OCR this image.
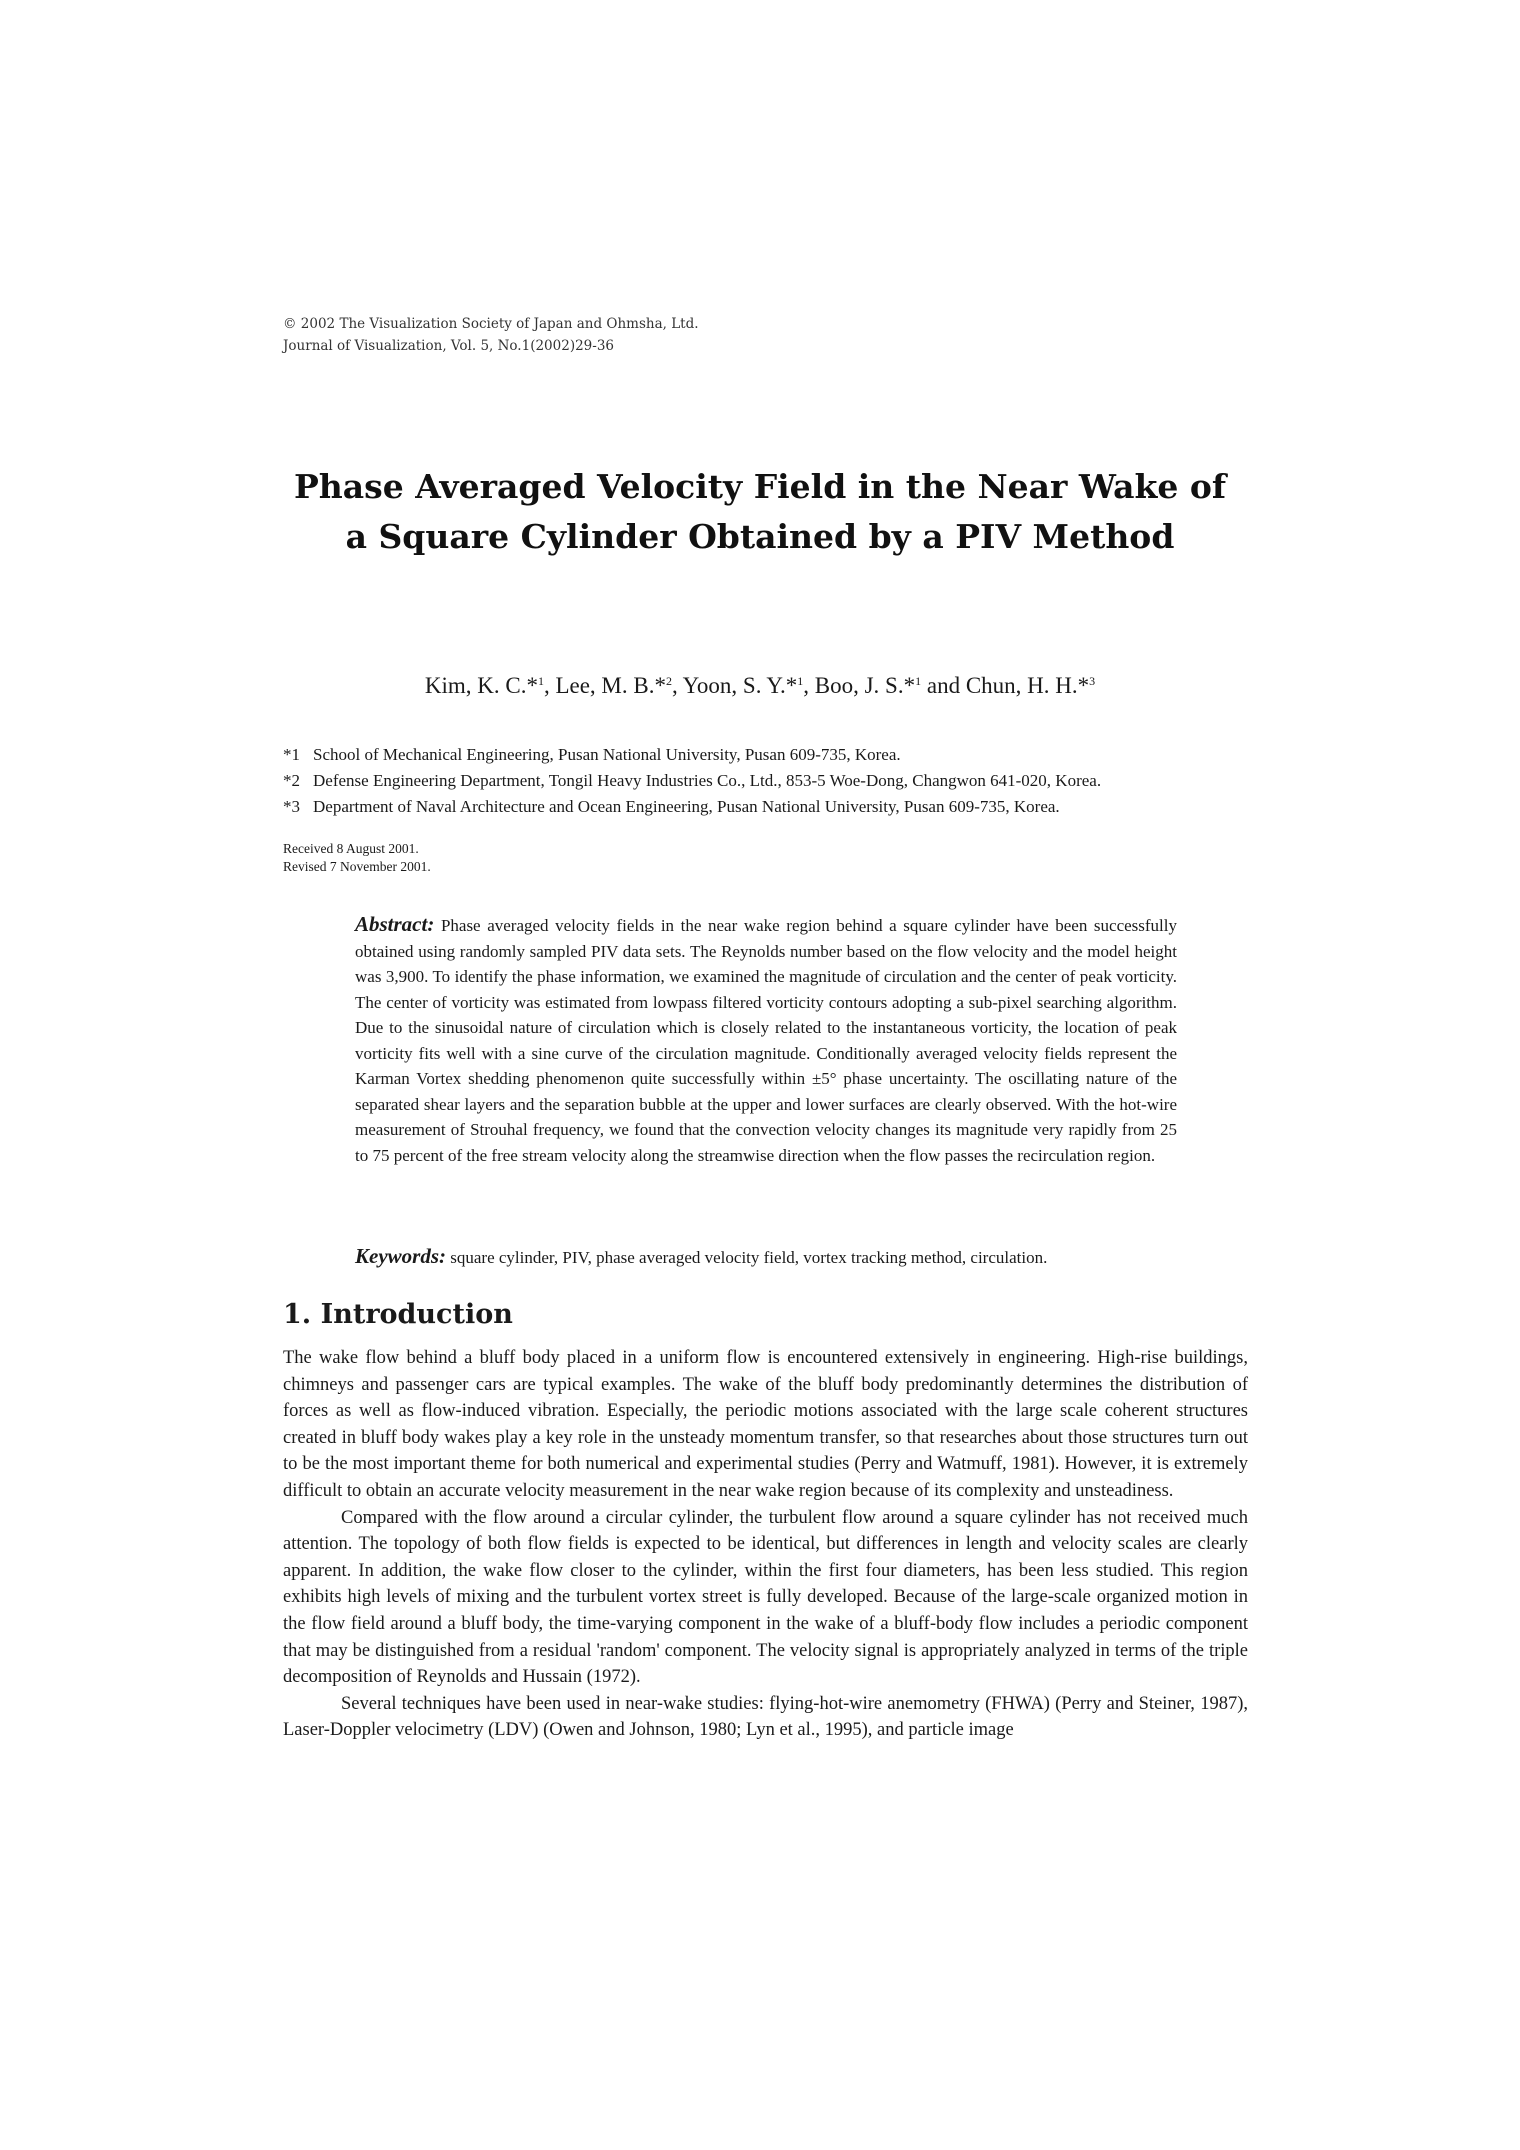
© 2002 The Visualization Society of Japan and Ohmsha, Ltd.
Journal of Visualization, Vol. 5, No.1(2002)29-36
Phase Averaged Velocity Field in the Near Wake of
a Square Cylinder Obtained by a PIV Method
Kim, K. C.*$^1$, Lee, M. B.*$^2$, Yoon, S. Y.*$^1$, Boo, J. S.*$^1$ and Chun, H. H.*$^3$
*1 School of Mechanical Engineering, Pusan National University, Pusan 609-735, Korea.
*2 Defense Engineering Department, Tongil Heavy Industries Co., Ltd., 853-5 Woe-Dong, Changwon 641-020, Korea.
*3 Department of Naval Architecture and Ocean Engineering, Pusan National University, Pusan 609-735, Korea.
Received 8 August 2001.
Revised 7 November 2001.
Abstract: Phase averaged velocity fields in the near wake region behind a square cylinder have been successfully obtained using randomly sampled PIV data sets. The Reynolds number based on the flow velocity and the model height was 3,900. To identify the phase information, we examined the magnitude of circulation and the center of peak vorticity. The center of vorticity was estimated from lowpass filtered vorticity contours adopting a sub-pixel searching algorithm. Due to the sinusoidal nature of circulation which is closely related to the instantaneous vorticity, the location of peak vorticity fits well with a sine curve of the circulation magnitude. Conditionally averaged velocity fields represent the Karman Vortex shedding phenomenon quite successfully within ±5° phase uncertainty. The oscillating nature of the separated shear layers and the separation bubble at the upper and lower surfaces are clearly observed. With the hot-wire measurement of Strouhal frequency, we found that the convection velocity changes its magnitude very rapidly from 25 to 75 percent of the free stream velocity along the streamwise direction when the flow passes the recirculation region.
Keywords: square cylinder, PIV, phase averaged velocity field, vortex tracking method, circulation.
1. Introduction

The wake flow behind a bluff body placed in a uniform flow is encountered extensively in engineering. High-rise buildings, chimneys and passenger cars are typical examples. The wake of the bluff body predominantly determines the distribution of forces as well as flow-induced vibration. Especially, the periodic motions associated with the large scale coherent structures created in bluff body wakes play a key role in the unsteady momentum transfer, so that researches about those structures turn out to be the most important theme for both numerical and experimental studies (Perry and Watmuff, 1981). However, it is extremely difficult to obtain an accurate velocity measurement in the near wake region because of its complexity and unsteadiness.

Compared with the flow around a circular cylinder, the turbulent flow around a square cylinder has not received much attention. The topology of both flow fields is expected to be identical, but differences in length and velocity scales are clearly apparent. In addition, the wake flow closer to the cylinder, within the first four diameters, has been less studied. This region exhibits high levels of mixing and the turbulent vortex street is fully developed. Because of the large-scale organized motion in the flow field around a bluff body, the time-varying component in the wake of a bluff-body flow includes a periodic component that may be distinguished from a residual 'random' component. The velocity signal is appropriately analyzed in terms of the triple decomposition of Reynolds and Hussain (1972).

Several techniques have been used in near-wake studies: flying-hot-wire anemometry (FHWA) (Perry and Steiner, 1987), Laser-Doppler velocimetry (LDV) (Owen and Johnson, 1980; Lyn et al., 1995), and particle image
